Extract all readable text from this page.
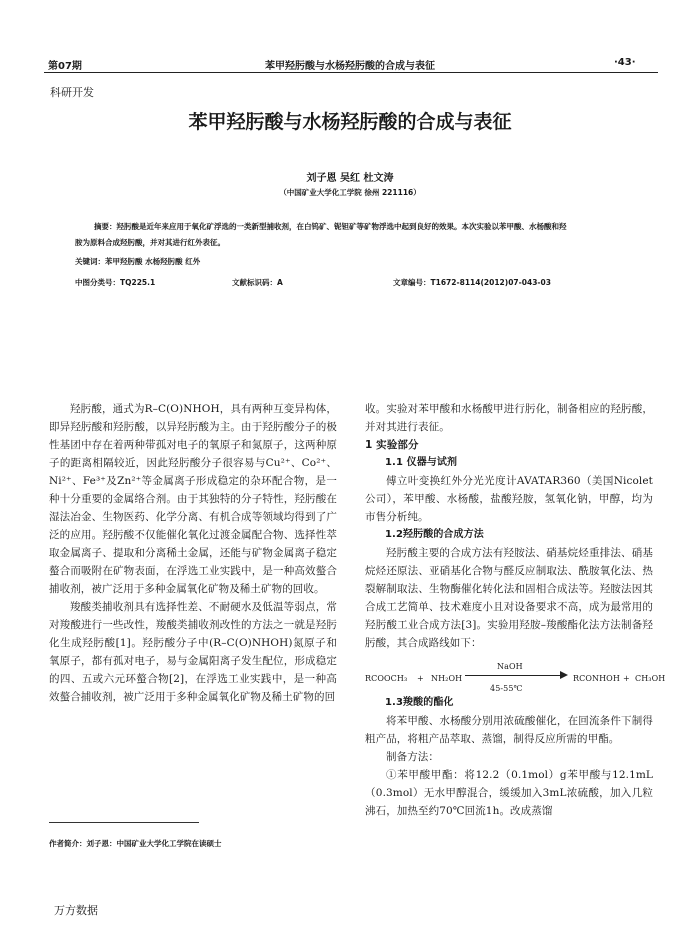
第07期	苯甲羟肟酸与水杨羟肟酸的合成与表征	·43·
科研开发
苯甲羟肟酸与水杨羟肟酸的合成与表征
刘子恩 吴红 杜文涛
（中国矿业大学化工学院 徐州 221116）
摘要：羟肟酸是近年来应用于氧化矿浮选的一类新型捕收剂，在白钨矿、铌钽矿等矿物浮选中起到良好的效果。本次实验以苯甲酸、水杨酸和羟
胺为原料合成羟肟酸，并对其进行红外表征。
关键词：苯甲羟肟酸 水杨羟肟酸 红外
中图分类号：TQ225.1	文献标识码：A	文章编号：T1672-8114(2012)07-043-03

羟肟酸，通式为R–C(O)NHOH，具有两种互变异构体，即异羟肟酸和羟肟酸，以异羟肟酸为主。由于羟肟酸分子的极性基团中存在着两种带孤对电子的氧原子和氮原子，这两种原子的距离相隔较近，因此羟肟酸分子很容易与Cu²⁺、Co²⁺、Ni²⁺、Fe³⁺及Zn²⁺等金属离子形成稳定的杂环配合物，是一种十分重要的金属络合剂。由于其独特的分子特性，羟肟酸在湿法冶金、生物医药、化学分离、有机合成等领域均得到了广泛的应用。羟肟酸不仅能催化氧化过渡金属配合物、选择性萃取金属离子、提取和分离稀土金属，还能与矿物金属离子稳定螯合而吸附在矿物表面，在浮选工业实践中，是一种高效螯合捕收剂，被广泛用于多种金属氧化矿物及稀土矿物的回收。

羧酸类捕收剂具有选择性差、不耐硬水及低温等弱点，常对羧酸进行一些改性，羧酸类捕收剂改性的方法之一就是羟肟化生成羟肟酸[1]。羟肟酸分子中(R–C(O)NHOH)氮原子和氧原子，都有孤对电子，易与金属阳离子发生配位，形成稳定的四、五或六元环螯合物[2]，在浮选工业实践中，是一种高效螯合捕收剂，被广泛用于多种金属氧化矿物及稀土矿物的回

作者简介：刘子恩：中国矿业大学化工学院在读硕士

收。实验对苯甲酸和水杨酸甲进行肟化，制备相应的羟肟酸，并对其进行表征。

1 实验部分

1.1 仪器与试剂

傅立叶变换红外分光光度计AVATAR360（美国Nicolet公司），苯甲酸、水杨酸，盐酸羟胺，氢氧化钠，甲醇，均为市售分析纯。

1.2羟肟酸的合成方法

羟肟酸主要的合成方法有羟胺法、硝基烷烃重排法、硝基烷烃还原法、亚硝基化合物与醛反应制取法、酰胺氧化法、热裂解制取法、生物酶催化转化法和固相合成法等。羟胺法因其合成工艺简单、技术难度小且对设备要求不高，成为最常用的羟肟酸工业合成方法[3]。实验用羟胺–羧酸酯化法方法制备羟肟酸，其合成路线如下：

RCOOCH₃ + NH₂OH
NaOH
45-55℃
RCONHOH + CH₃OH

1.3羧酸的酯化

将苯甲酸、水杨酸分别用浓硫酸催化，在回流条件下制得粗产品，将粗产品萃取、蒸馏，制得反应所需的甲酯。

制备方法：

①苯甲酸甲酯：将12.2（0.1mol）g苯甲酸与12.1mL（0.3mol）无水甲醇混合，缓缓加入3mL浓硫酸，加入几粒沸石，加热至约70℃回流1h。改成蒸馏

万方数据
